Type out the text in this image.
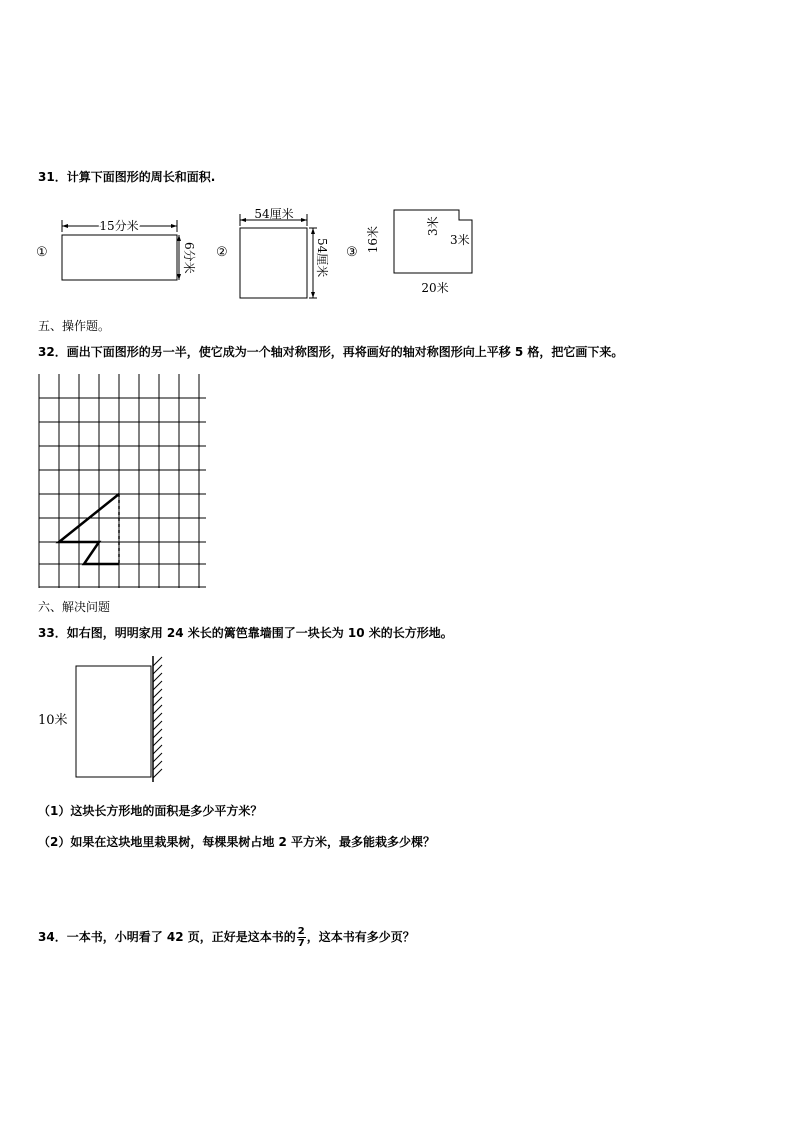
31．计算下面图形的周长和面积.
①
15分米
6分米 ②
54厘米
54厘米 ③ 16米	3米
3米
20米
五、操作题。
32．画出下面图形的另一半，使它成为一个轴对称图形，再将画好的轴对称图形向上平移 5 格，把它画下来。
六、解决问题
33．如右图，明明家用 24 米长的篱笆靠墙围了一块长为 10 米的长方形地。
10米
（1）这块长方形地的面积是多少平方米？
（2）如果在这块地里栽果树，每棵果树占地 2 平方米，最多能栽多少棵？
34．一本书，小明看了 42 页，正好是这本书的 $\frac{2}{7}$ ，这本书有多少页？
